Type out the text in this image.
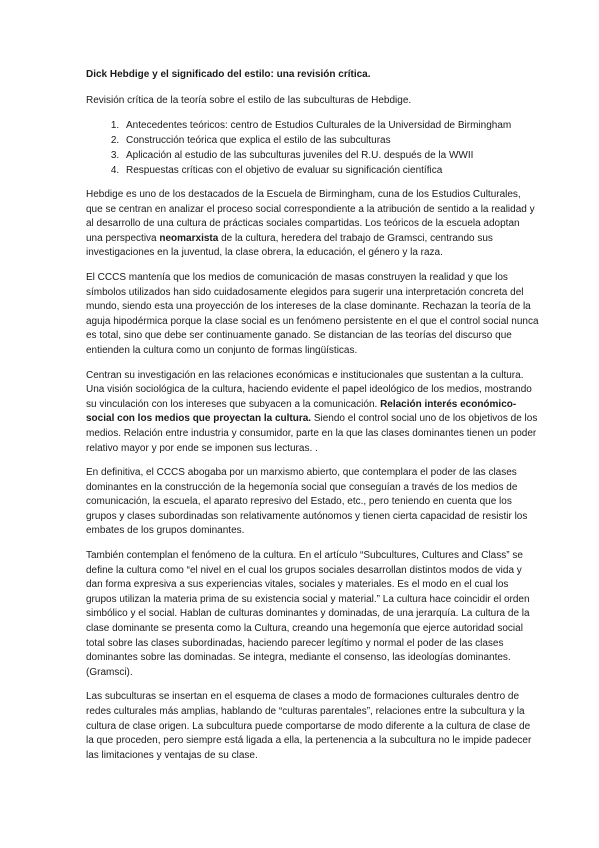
Dick Hebdige y el significado del estilo: una revisión crítica.
Revisión crítica de la teoría sobre el estilo de las subculturas de Hebdige.
1. Antecedentes teóricos: centro de Estudios Culturales de la Universidad de Birmingham
2. Construcción teórica que explica el estilo de las subculturas
3. Aplicación al estudio de las subculturas juveniles del R.U. después de la WWII
4. Respuestas críticas con el objetivo de evaluar su significación científica

Hebdige es uno de los destacados de la Escuela de Birmingham, cuna de los Estudios Culturales, que se centran en analizar el proceso social correspondiente a la atribución de sentido a la realidad y al desarrollo de una cultura de prácticas sociales compartidas. Los teóricos de la escuela adoptan una perspectiva neomarxista de la cultura, heredera del trabajo de Gramsci, centrando sus investigaciones en la juventud, la clase obrera, la educación, el género y la raza.

El CCCS mantenía que los medios de comunicación de masas construyen la realidad y que los símbolos utilizados han sido cuidadosamente elegidos para sugerir una interpretación concreta del mundo, siendo esta una proyección de los intereses de la clase dominante. Rechazan la teoría de la aguja hipodérmica porque la clase social es un fenómeno persistente en el que el control social nunca es total, sino que debe ser continuamente ganado. Se distancian de las teorías del discurso que entienden la cultura como un conjunto de formas lingüísticas.

Centran su investigación en las relaciones económicas e institucionales que sustentan a la cultura. Una visión sociológica de la cultura, haciendo evidente el papel ideológico de los medios, mostrando su vinculación con los intereses que subyacen a la comunicación. Relación interés económico-social con los medios que proyectan la cultura. Siendo el control social uno de los objetivos de los medios. Relación entre industria y consumidor, parte en la que las clases dominantes tienen un poder relativo mayor y por ende se imponen sus lecturas. .

En definitiva, el CCCS abogaba por un marxismo abierto, que contemplara el poder de las clases dominantes en la construcción de la hegemonía social que conseguían a través de los medios de comunicación, la escuela, el aparato represivo del Estado, etc., pero teniendo en cuenta que los grupos y clases subordinadas son relativamente autónomos y tienen cierta capacidad de resistir los embates de los grupos dominantes.

También contemplan el fenómeno de la cultura. En el artículo “Subcultures, Cultures and Class” se define la cultura como “el nivel en el cual los grupos sociales desarrollan distintos modos de vida y dan forma expresiva a sus experiencias vitales, sociales y materiales. Es el modo en el cual los grupos utilizan la materia prima de su existencia social y material.” La cultura hace coincidir el orden simbólico y el social. Hablan de culturas dominantes y dominadas, de una jerarquía. La cultura de la clase dominante se presenta como la Cultura, creando una hegemonía que ejerce autoridad social total sobre las clases subordinadas, haciendo parecer legítimo y normal el poder de las clases dominantes sobre las dominadas. Se integra, mediante el consenso, las ideologías dominantes. (Gramsci).

Las subculturas se insertan en el esquema de clases a modo de formaciones culturales dentro de redes culturales más amplias, hablando de “culturas parentales”, relaciones entre la subcultura y la cultura de clase origen. La subcultura puede comportarse de modo diferente a la cultura de clase de la que proceden, pero siempre está ligada a ella, la pertenencia a la subcultura no le impide padecer las limitaciones y ventajas de su clase.
